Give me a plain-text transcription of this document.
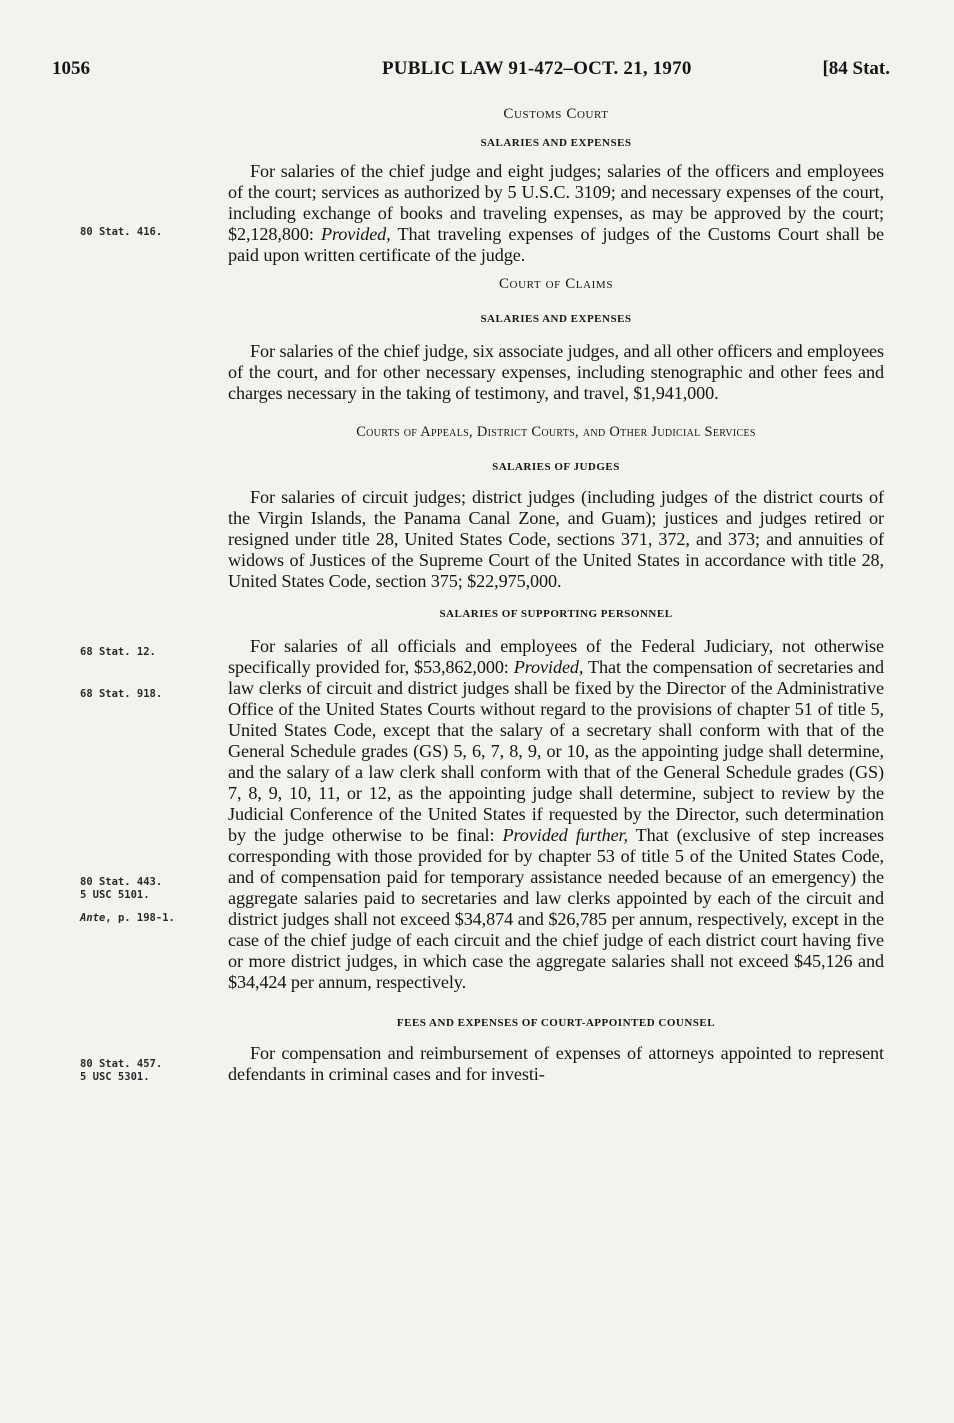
1056	PUBLIC LAW 91-472–OCT. 21, 1970	[84 Stat.
80 Stat. 416.
68 Stat. 12.
68 Stat. 918.
80 Stat. 443.
5 USC 5101.
Ante, p. 198-1.
80 Stat. 457.
5 USC 5301.

Customs Court

SALARIES AND EXPENSES

For salaries of the chief judge and eight judges; salaries of the officers and employees of the court; services as authorized by 5 U.S.C. 3109; and necessary expenses of the court, including exchange of books and traveling expenses, as may be approved by the court; $2,128,800: Provided, That traveling expenses of judges of the Customs Court shall be paid upon written certificate of the judge.

Court of Claims

SALARIES AND EXPENSES

For salaries of the chief judge, six associate judges, and all other officers and employees of the court, and for other necessary expenses, including stenographic and other fees and charges necessary in the taking of testimony, and travel, $1,941,000.

Courts of Appeals, District Courts, and Other Judicial Services

SALARIES OF JUDGES

For salaries of circuit judges; district judges (including judges of the district courts of the Virgin Islands, the Panama Canal Zone, and Guam); justices and judges retired or resigned under title 28, United States Code, sections 371, 372, and 373; and annuities of widows of Justices of the Supreme Court of the United States in accordance with title 28, United States Code, section 375; $22,975,000.

SALARIES OF SUPPORTING PERSONNEL

For salaries of all officials and employees of the Federal Judiciary, not otherwise specifically provided for, $53,862,000: Provided, That the compensation of secretaries and law clerks of circuit and district judges shall be fixed by the Director of the Administrative Office of the United States Courts without regard to the provisions of chapter 51 of title 5, United States Code, except that the salary of a secretary shall conform with that of the General Schedule grades (GS) 5, 6, 7, 8, 9, or 10, as the appointing judge shall determine, and the salary of a law clerk shall conform with that of the General Schedule grades (GS) 7, 8, 9, 10, 11, or 12, as the appointing judge shall determine, subject to review by the Judicial Conference of the United States if requested by the Director, such determination by the judge otherwise to be final: Provided further, That (exclusive of step increases corresponding with those provided for by chapter 53 of title 5 of the United States Code, and of compensation paid for temporary assistance needed because of an emergency) the aggregate salaries paid to secretaries and law clerks appointed by each of the circuit and district judges shall not exceed $34,874 and $26,785 per annum, respectively, except in the case of the chief judge of each circuit and the chief judge of each district court having five or more district judges, in which case the aggregate salaries shall not exceed $45,126 and $34,424 per annum, respectively.

FEES AND EXPENSES OF COURT-APPOINTED COUNSEL

For compensation and reimbursement of expenses of attorneys appointed to represent defendants in criminal cases and for investi-
